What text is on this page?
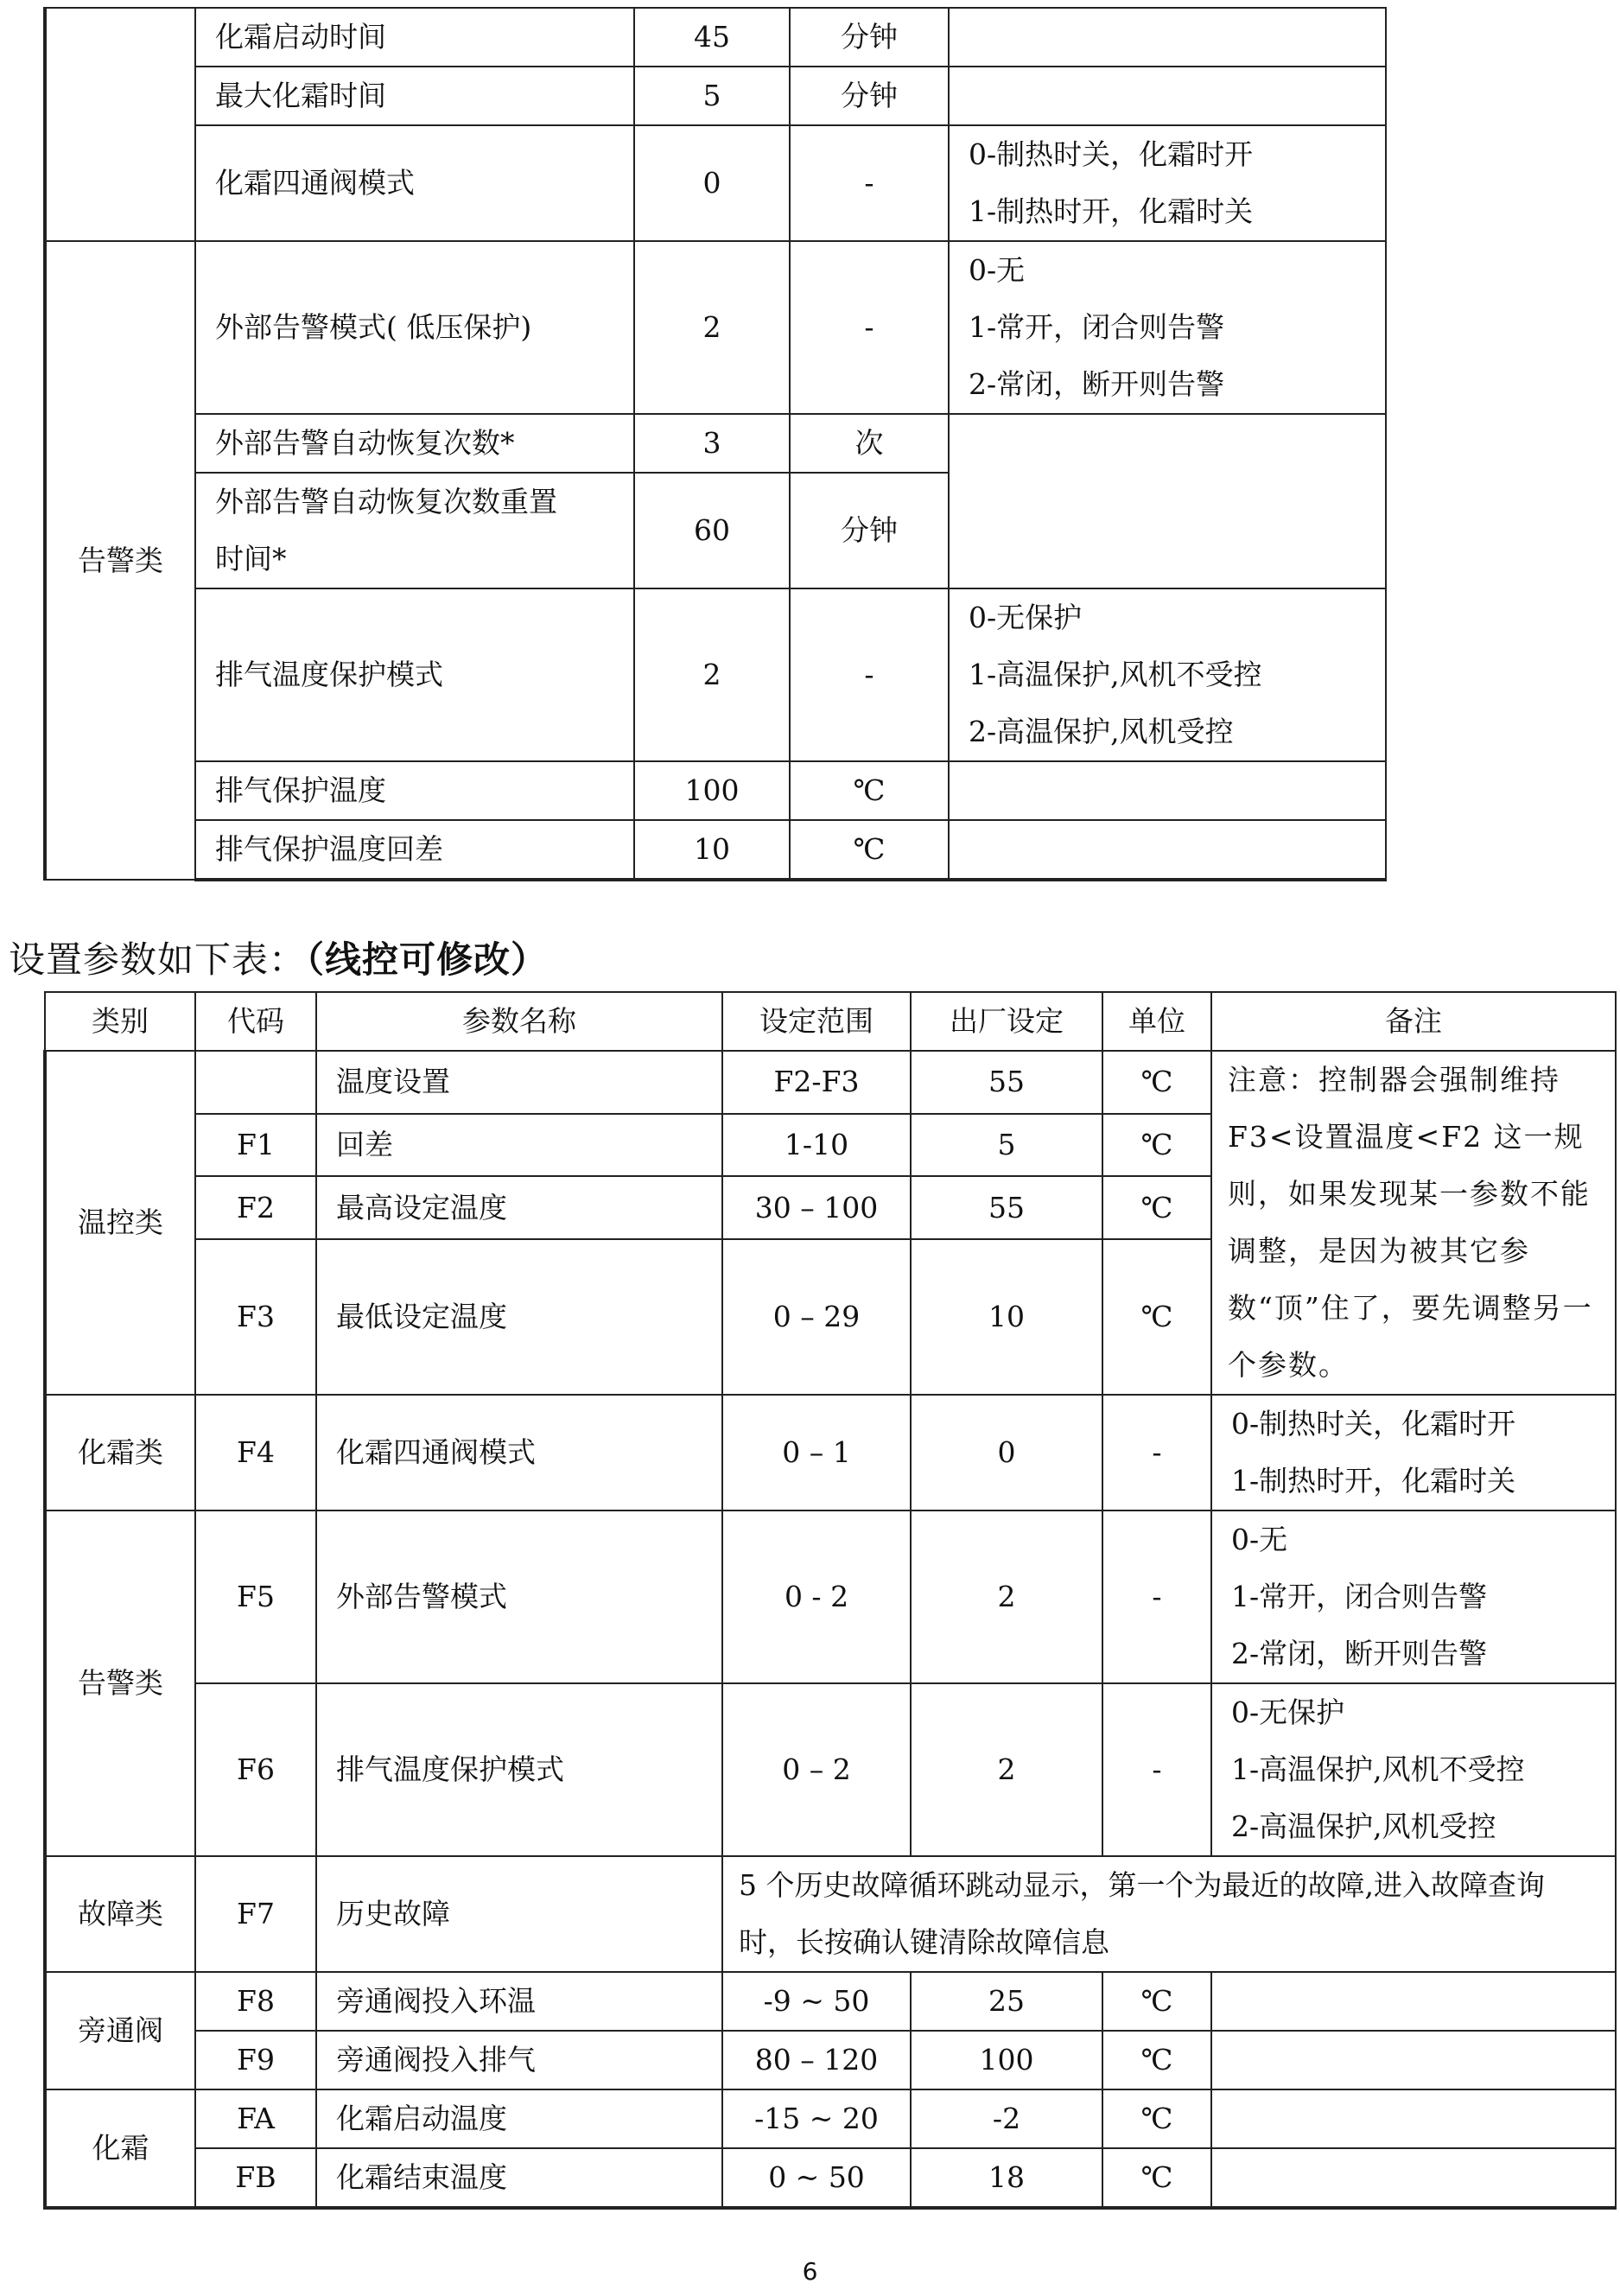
	化霜启动时间	45	分钟	
	最大化霜时间	5	分钟	
	化霜四通阀模式	0	-	0-制热时关，化霜时开
1-制热时开，化霜时关

告警类	外部告警模式( 低压保护)	2	-	0-无
1-常开，闭合则告警
2-常闭，断开则告警

	外部告警自动恢复次数*	3	次	

	外部告警自动恢复次数重置
时间*	60	分钟	
	排气温度保护模式	2	-	0-无保护
1-高温保护,风机不受控
2-高温保护,风机受控

	排气保护温度	100	℃	
	排气保护温度回差	10	℃	
设置参数如下表：（线控可修改）
类别	代码	参数名称	设定范围	出厂设定	单位	备注
温控类		温度设置	F2-F3	55	℃	注意：控制器会强制维持F3<设置温度<F2 这一规则，如果发现某一参数不能调整，是因为被其它参数“顶”住了，要先调整另一个参数。
	F1	回差	1-10	5	℃	
	F2	最高设定温度	30 – 100	55	℃	
	F3	最低设定温度	0 – 29	10	℃	
化霜类	F4	化霜四通阀模式	0 – 1	0	-	0-制热时关，化霜时开
1-制热时开，化霜时关

告警类	F5	外部告警模式	0 - 2	2	-	0-无
1-常开，闭合则告警
2-常闭，断开则告警

	F6	排气温度保护模式	0 – 2	2	-	0-无保护
1-高温保护,风机不受控
2-高温保护,风机受控

故障类	F7	历史故障	5 个历史故障循环跳动显示，第一个为最近的故障,进入故障查询时，长按确认键清除故障信息			
旁通阀	F8	旁通阀投入环温	-9 ~ 50	25	℃	
	F9	旁通阀投入排气	80 – 120	100	℃	
化霜	FA	化霜启动温度	-15 ~ 20	-2	℃	
	FB	化霜结束温度	0 ~ 50	18	℃	
6
